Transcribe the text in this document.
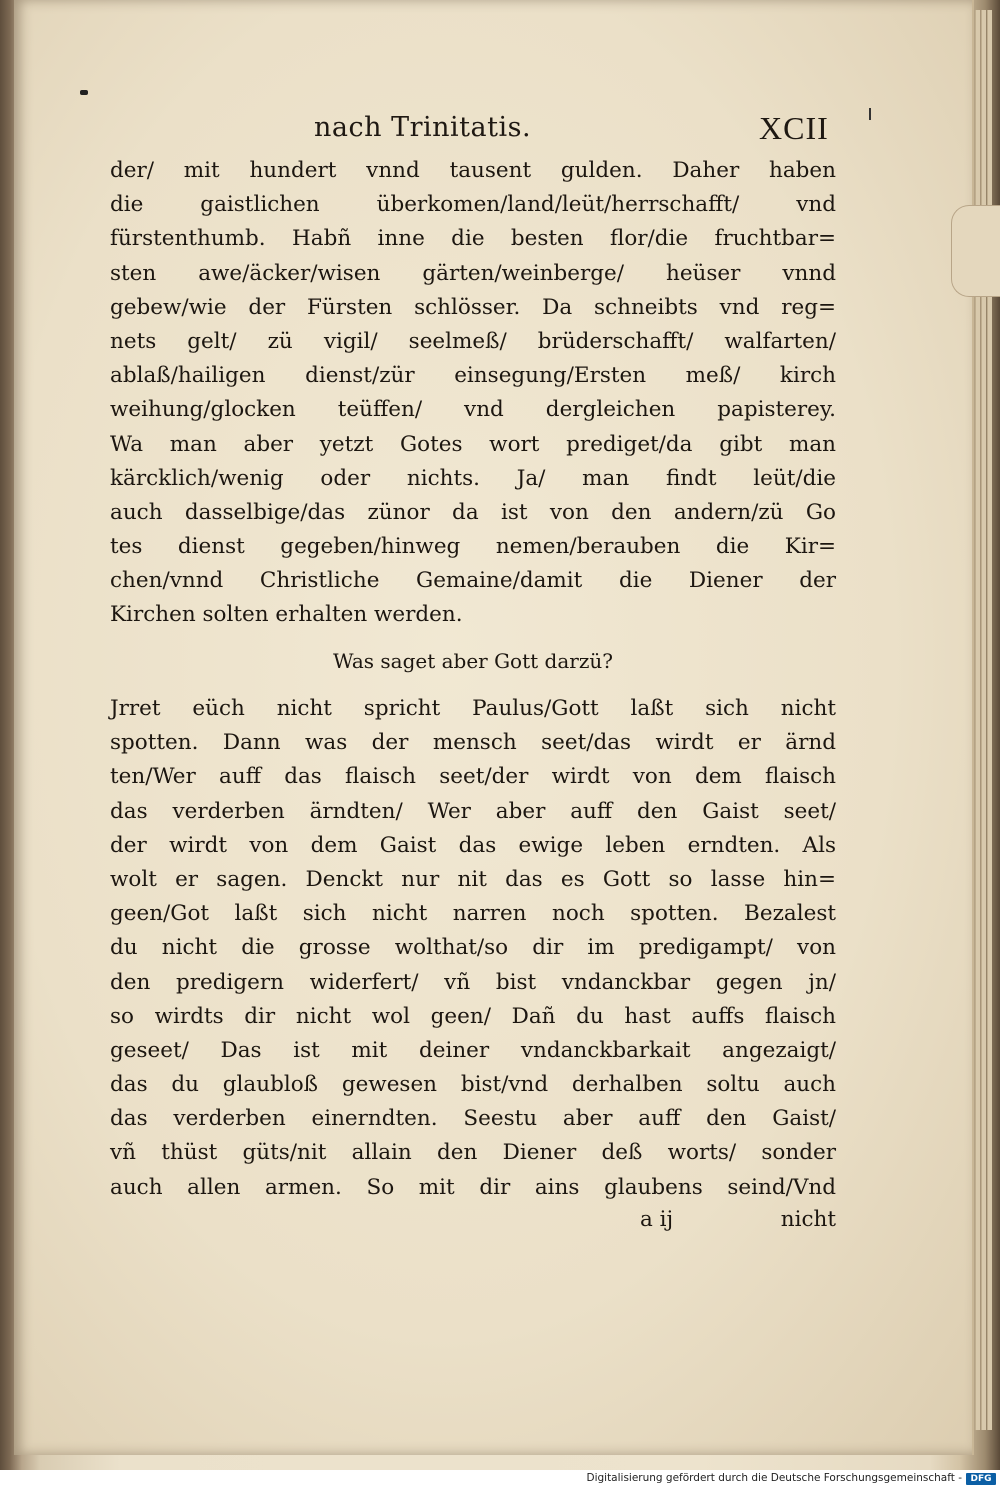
nach Trinitatis.	XCII
der/ mit hundert vnnd tausent gulden. Daher haben
die gaistlichen überkomen/land/leüt/herrschafft/ vnd
fürstenthumb. Habñ inne die besten flor/die fruchtbar=
sten awe/äcker/wisen gärten/weinberge/ heüser vnnd
gebew/wie der Fürsten schlösser. Da schneibts vnd reg=
nets gelt/ zü vigil/ seelmeß/ brüderschafft/ walfarten/
ablaß/hailigen dienst/zür einsegung/Ersten meß/ kirch
weihung/glocken teüffen/ vnd dergleichen papisterey.
Wa man aber yetzt Gotes wort prediget/da gibt man
kärcklich/wenig oder nichts. Ja/ man findt leüt/die
auch dasselbige/das zünor da ist von den andern/zü Go
tes dienst gegeben/hinweg nemen/berauben die Kir=
chen/vnnd Christliche Gemaine/damit die Diener der
Kirchen solten erhalten werden.
Was saget aber Gott darzü?
Jrret eüch nicht spricht Paulus/Gott laßt sich nicht
spotten. Dann was der mensch seet/das wirdt er ärnd
ten/Wer auff das flaisch seet/der wirdt von dem flaisch
das verderben ärndten/ Wer aber auff den Gaist seet/
der wirdt von dem Gaist das ewige leben erndten. Als
wolt er sagen. Denckt nur nit das es Gott so lasse hin=
geen/Got laßt sich nicht narren noch spotten. Bezalest
du nicht die grosse wolthat/so dir im predigampt/ von
den predigern widerfert/ vñ bist vndanckbar gegen jn/
so wirdts dir nicht wol geen/ Dañ du hast auffs flaisch
geseet/ Das ist mit deiner vndanckbarkait angezaigt/
das du glaubloß gewesen bist/vnd derhalben soltu auch
das verderben einerndten. Seestu aber auff den Gaist/
vñ thüst güts/nit allain den Diener deß worts/ sonder
auch allen armen. So mit dir ains glaubens seind/Vnd
a ij	nicht
Digitalisierung gefördert durch die Deutsche Forschungsgemeinschaft - DFG
